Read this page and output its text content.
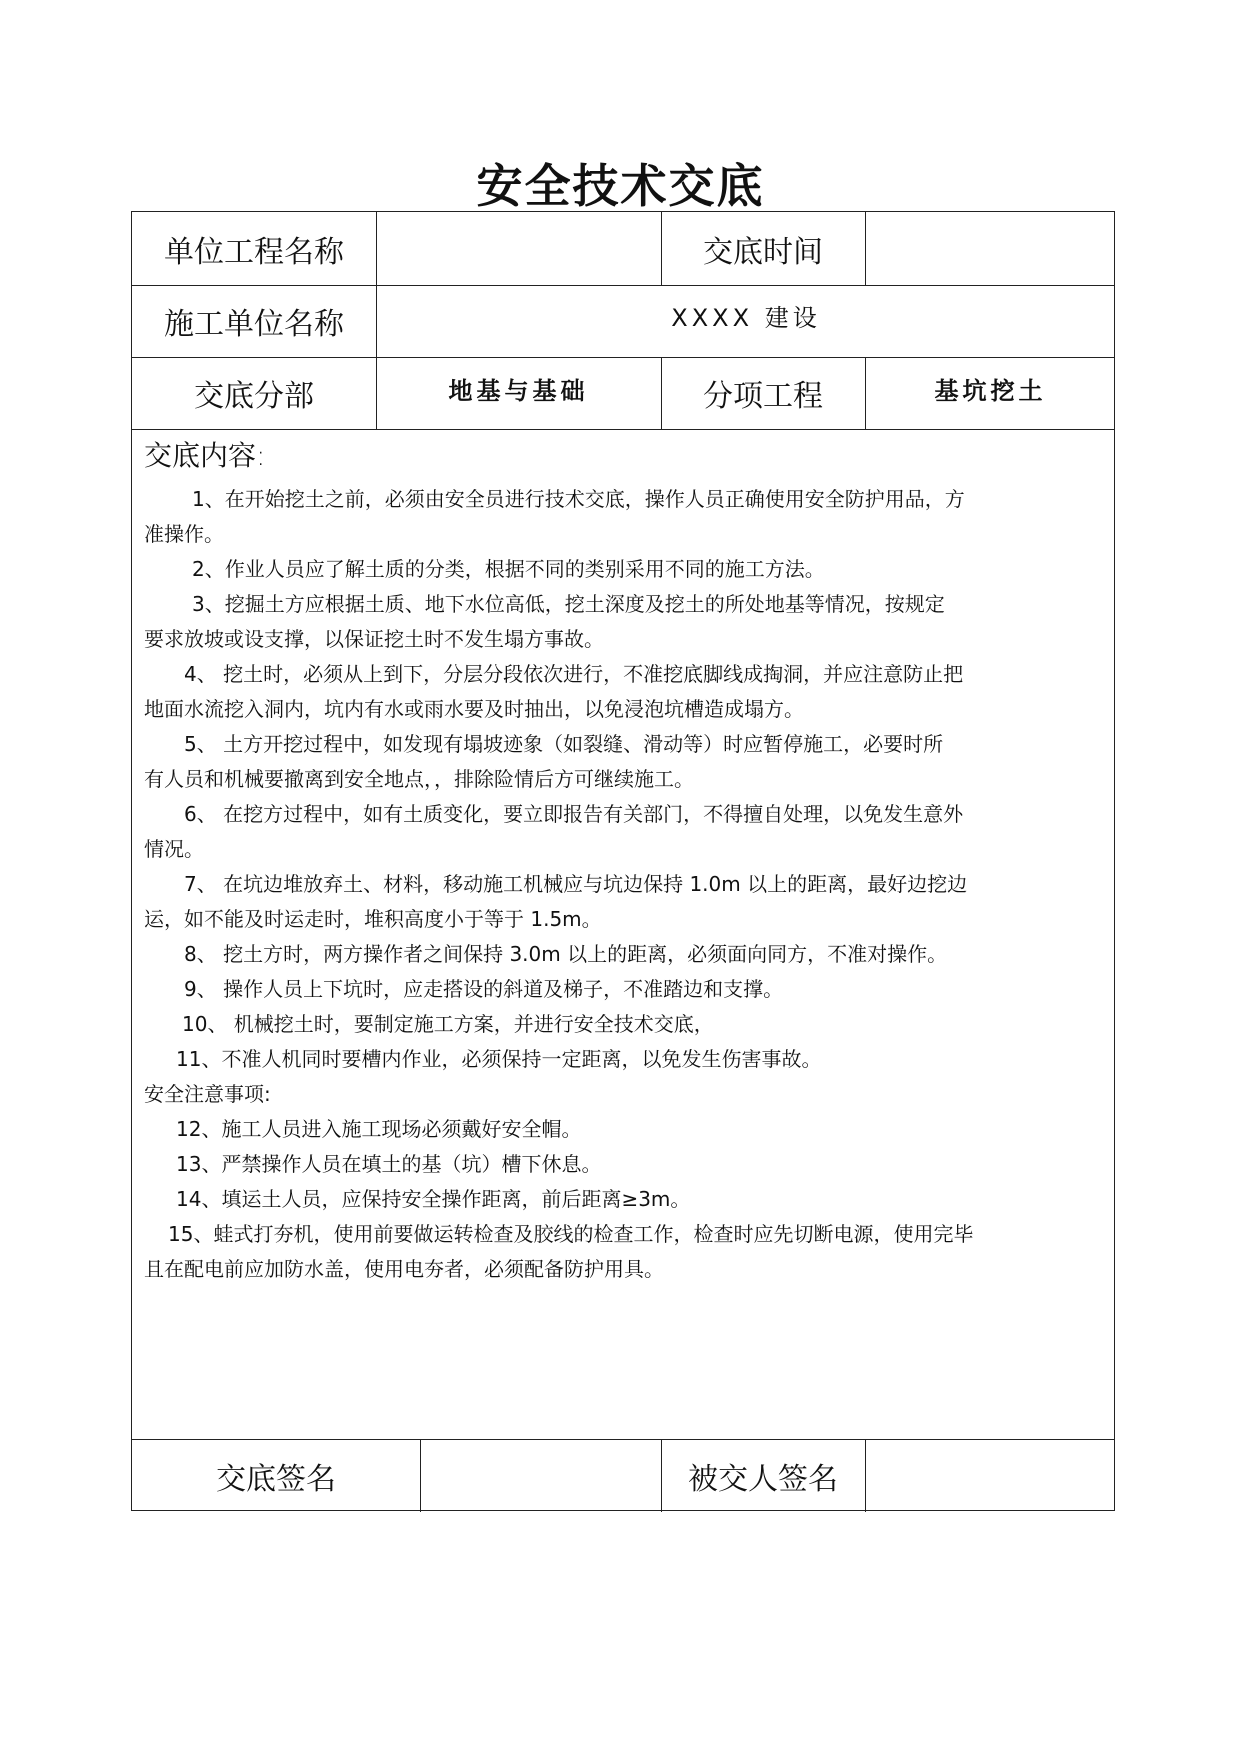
安全技术交底
单位工程名称	交底时间
施工单位名称	XXXX 建设
交底分部	地基与基础	分项工程	基坑挖土
交底内容:

1、在开始挖土之前，必须由安全员进行技术交底，操作人员正确使用安全防护用品，方

准操作。

2、作业人员应了解土质的分类，根据不同的类别采用不同的施工方法。

3、挖掘土方应根据土质、地下水位高低，挖土深度及挖土的所处地基等情况，按规定

要求放坡或设支撑，以保证挖土时不发生塌方事故。

4、 挖土时，必须从上到下，分层分段依次进行，不准挖底脚线成掏洞，并应注意防止把

地面水流挖入洞内，坑内有水或雨水要及时抽出，以免浸泡坑槽造成塌方。

5、 土方开挖过程中，如发现有塌坡迹象（如裂缝、滑动等）时应暂停施工，必要时所

有人员和机械要撤离到安全地点，，排除险情后方可继续施工。

6、 在挖方过程中，如有土质变化，要立即报告有关部门，不得擅自处理，以免发生意外

情况。

7、 在坑边堆放弃土、材料，移动施工机械应与坑边保持 1.0m 以上的距离，最好边挖边

运，如不能及时运走时，堆积高度小于等于 1.5m。

8、 挖土方时，两方操作者之间保持 3.0m 以上的距离，必须面向同方，不准对操作。

9、 操作人员上下坑时，应走搭设的斜道及梯子，不准踏边和支撑。

10、 机械挖土时，要制定施工方案，并进行安全技术交底，

11、不准人机同时要槽内作业，必须保持一定距离，以免发生伤害事故。

安全注意事项:

12、施工人员进入施工现场必须戴好安全帽。

13、严禁操作人员在填土的基（坑）槽下休息。

14、填运土人员，应保持安全操作距离，前后距离≥3m。

15、蛙式打夯机，使用前要做运转检查及胶线的检查工作，检查时应先切断电源，使用完毕

且在配电前应加防水盖，使用电夯者，必须配备防护用具。

交底签名	被交人签名
